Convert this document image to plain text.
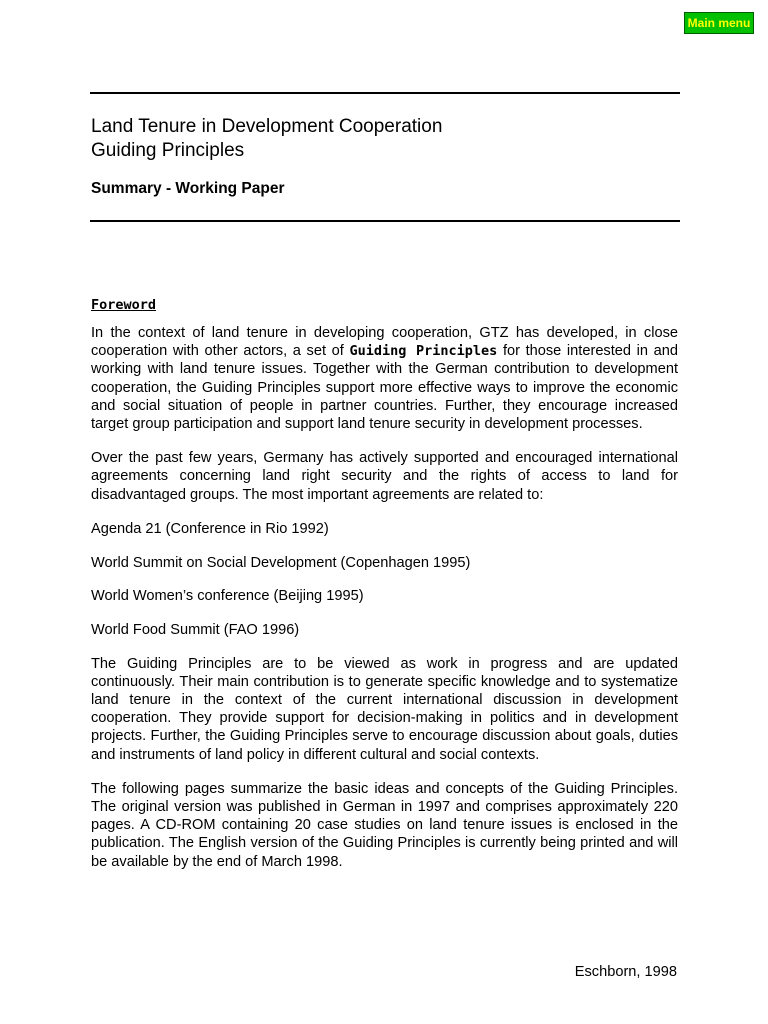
Main menu
Land Tenure in Development Cooperation
Guiding Principles
Summary - Working Paper
Foreword

In the context of land tenure in developing cooperation, GTZ has developed, in close cooperation with other actors, a set of Guiding Principles for those interested in and working with land tenure issues. Together with the German contribution to development cooperation, the Guiding Principles support more effective ways to improve the economic and social situation of people in partner countries. Further, they encourage increased target group participation and support land tenure security in development processes.

Over the past few years, Germany has actively supported and encouraged international agreements concerning land right security and the rights of access to land for disadvantaged groups. The most important agreements are related to:

Agenda 21 (Conference in Rio 1992)

World Summit on Social Development (Copenhagen 1995)

World Women’s conference (Beijing 1995)

World Food Summit (FAO 1996)

The Guiding Principles are to be viewed as work in progress and are updated continuously. Their main contribution is to generate specific knowledge and to systematize land tenure in the context of the current international discussion in development cooperation. They provide support for decision-making in politics and in development projects. Further, the Guiding Principles serve to encourage discussion about goals, duties and instruments of land policy in different cultural and social contexts.

The following pages summarize the basic ideas and concepts of the Guiding Principles. The original version was published in German in 1997 and comprises approximately 220 pages. A CD-ROM containing 20 case studies on land tenure issues is enclosed in the publication. The English version of the Guiding Principles is currently being printed and will be available by the end of March 1998.

Eschborn, 1998
